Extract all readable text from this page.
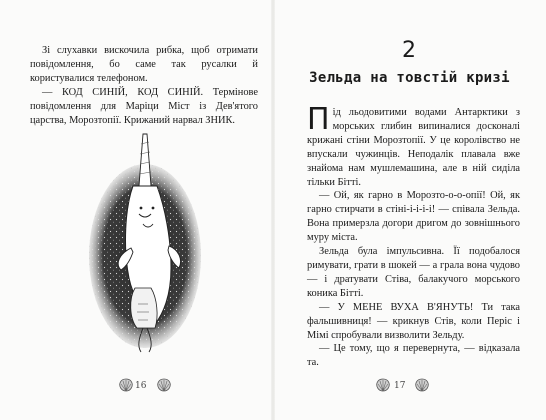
Зі слухавки вискочила рибка, щоб отримати повідомлення, бо саме так русалки й користувалися телефоном.

— КОД СИНІЙ, КОД СИНІЙ. Термінове повідомлення для Маріци Міст із Дев'ятого царства, Морозтопії. Крижаний нарвал ЗНИК.

16
2
Зельда на товстій кризі

Під льодовитими водами Антарктики з морських глибин випиналися досконалі крижані стіни Морозтопії. У це королівство не впускали чужинців. Неподалік плавала вже знайома нам мушлемашина, але в ній сиділа тільки Бітті.

— Ой, як гарно в Морозто-о-о-опії! Ой, як гарно стирчати в стіні-і-і-і-і! — співала Зельда. Вона примерзла догори дригом до зовнішнього муру міста.

Зельда була імпульсивна. Її подобалося римувати, грати в шокей — а грала вона чудово — і дратувати Стіва, балакучого морського коника Бітті.

— У МЕНЕ ВУХА В'ЯНУТЬ! Ти така фальшивниця! — крикнув Стів, коли Періс і Мімі спробували визволити Зельду.

— Це тому, що я перевернута, — відказала та.

17
